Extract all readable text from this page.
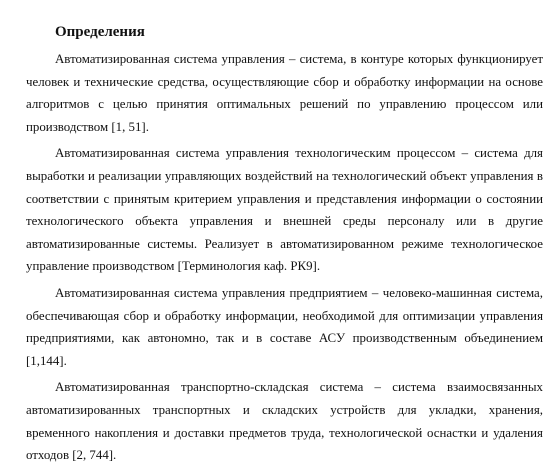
Определения

Автоматизированная система управления – система, в контуре которых функционирует человек и технические средства, осуществляющие сбор и обработку информации на основе алгоритмов с целью принятия оптимальных решений по управлению процессом или производством [1, 51].

Автоматизированная система управления технологическим процессом – система для выработки и реализации управляющих воздействий на технологический объект управления в соответствии с принятым критерием управления и представления информации о состоянии технологического объекта управления и внешней среды персоналу или в другие автоматизированные системы. Реализует в автоматизированном режиме технологическое управление производством [Терминология каф. РК9].

Автоматизированная система управления предприятием – человеко-машинная система, обеспечивающая сбор и обработку информации, необходимой для оптимизации управления предприятиями, как автономно, так и в составе АСУ производственным объединением [1,144].

Автоматизированная транспортно-складская система – система взаимосвязанных автоматизированных транспортных и складских устройств для укладки, хранения, временного накопления и доставки предметов труда, технологической оснастки и удаления отходов [2, 744].
